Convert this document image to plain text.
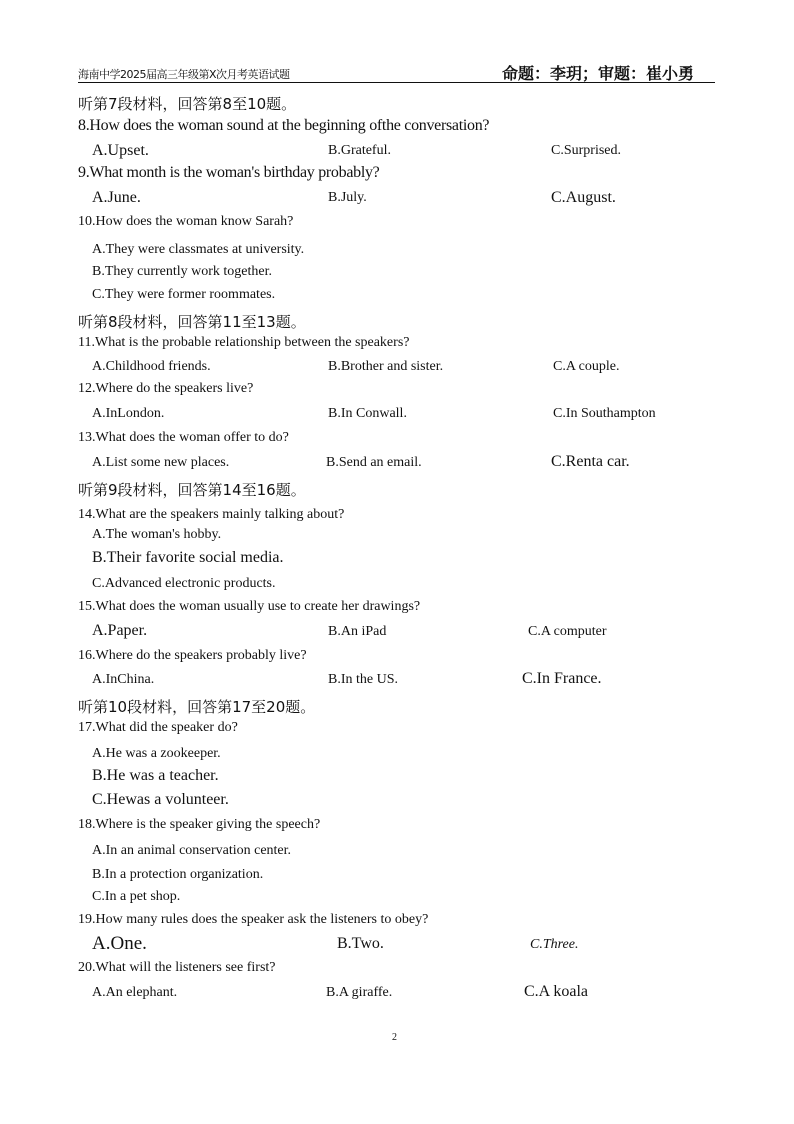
海南中学2025届高三年级第X次月考英语试题	命题：李玥；审题：崔小勇
听第7段材料，回答第8至10题。
8.How does the woman sound at the beginning ofthe conversation?
A.Upset.	B.Grateful.	C.Surprised.
9.What month is the woman's birthday probably?
A.June.	B.July.	C.August.
10.How does the woman know Sarah?
A.They were classmates at university.
B.They currently work together.
C.They were former roommates.
听第8段材料，回答第11至13题。
11.What is the probable relationship between the speakers?
A.Childhood friends.	B.Brother and sister.	C.A couple.
12.Where do the speakers live?
A.InLondon.	B.In Conwall.	C.In Southampton
13.What does the woman offer to do?
A.List some new places.	B.Send an email.	C.Renta car.
听第9段材料，回答第14至16题。
14.What are the speakers mainly talking about?
A.The woman's hobby.
B.Their favorite social media.
C.Advanced electronic products.
15.What does the woman usually use to create her drawings?
A.Paper.	B.An iPad	C.A computer
16.Where do the speakers probably live?
A.InChina.	B.In the US.	C.In France.
听第10段材料，回答第17至20题。
17.What did the speaker do?
A.He was a zookeeper.
B.He was a teacher.
C.Hewas a volunteer.
18.Where is the speaker giving the speech?
A.In an animal conservation center.
B.In a protection organization.
C.In a pet shop.
19.How many rules does the speaker ask the listeners to obey?
A.One.	B.Two.	C.Three.
20.What will the listeners see first?
A.An elephant.	B.A giraffe.	C.A koala
2
